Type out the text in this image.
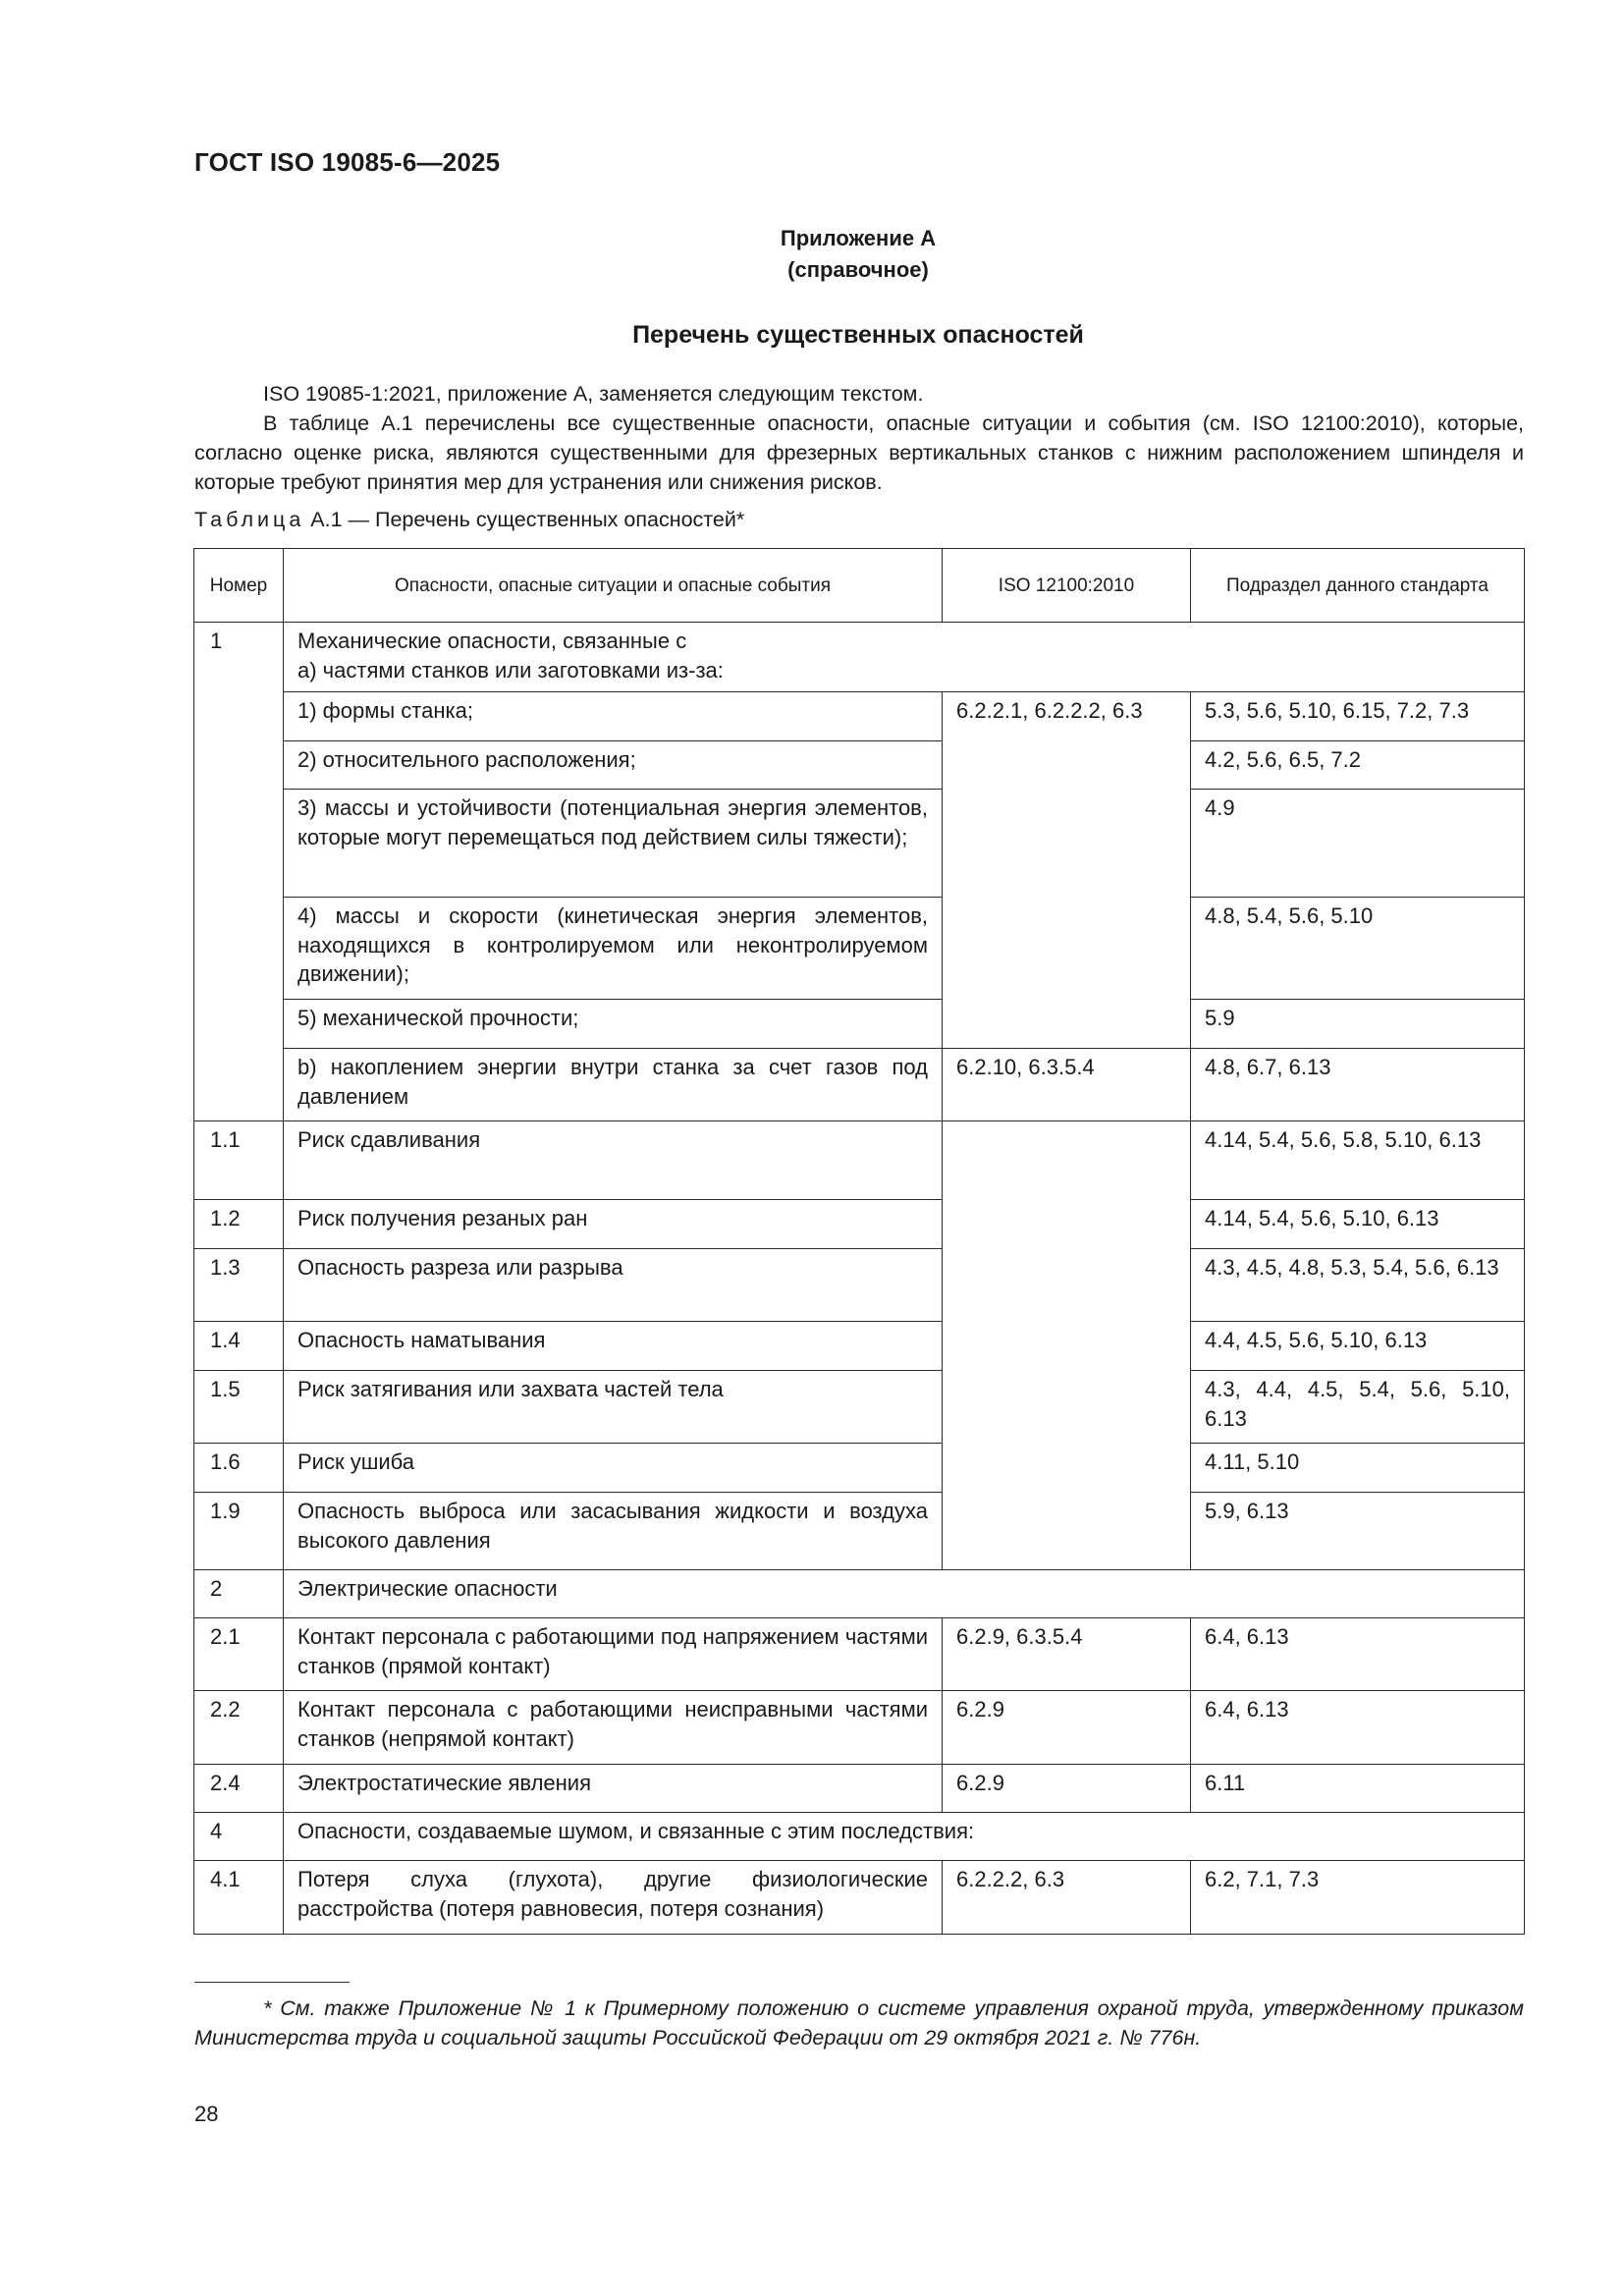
ГОСТ ISO 19085-6—2025
Приложение А
(справочное)
Перечень существенных опасностей
ISO 19085-1:2021, приложение А, заменяется следующим текстом.
В таблице А.1 перечислены все существенные опасности, опасные ситуации и события (см. ISO 12100:2010), которые, согласно оценке риска, являются существенными для фрезерных вертикальных станков с нижним расположением шпинделя и которые требуют принятия мер для устранения или снижения рисков.
Таблица А.1 — Перечень существенных опасностей*
Номер	Опасности, опасные ситуации и опасные события	ISO 12100:2010	Подраздел данного стандарта
1	Механические опасности, связанные с
а) частями станков или заготовками из-за:		
	1) формы станка;	6.2.2.1, 6.2.2.2, 6.3	5.3, 5.6, 5.10, 6.15, 7.2, 7.3
	2) относительного расположения;		4.2, 5.6, 6.5, 7.2
	3) массы и устойчивости (потенциальная энергия элементов, которые могут перемещаться под действием силы тяжести);		4.9
	4) массы и скорости (кинетическая энергия элементов, находящихся в контролируемом или неконтролируемом движении);		4.8, 5.4, 5.6, 5.10
	5) механической прочности;		5.9
	b) накоплением энергии внутри станка за счет газов под давлением	6.2.10, 6.3.5.4	4.8, 6.7, 6.13
1.1	Риск сдавливания		4.14, 5.4, 5.6, 5.8, 5.10, 6.13
1.2	Риск получения резаных ран		4.14, 5.4, 5.6, 5.10, 6.13
1.3	Опасность разреза или разрыва		4.3, 4.5, 4.8, 5.3, 5.4, 5.6, 6.13
1.4	Опасность наматывания		4.4, 4.5, 5.6, 5.10, 6.13
1.5	Риск затягивания или захвата частей тела		4.3, 4.4, 4.5, 5.4, 5.6, 5.10, 6.13
1.6	Риск ушиба		4.11, 5.10
1.9	Опасность выброса или засасывания жидкости и воздуха высокого давления		5.9, 6.13
2	Электрические опасности		
2.1	Контакт персонала с работающими под напряжением частями станков (прямой контакт)	6.2.9, 6.3.5.4	6.4, 6.13
2.2	Контакт персонала с работающими неисправными частями станков (непрямой контакт)	6.2.9	6.4, 6.13
2.4	Электростатические явления	6.2.9	6.11
4	Опасности, создаваемые шумом, и связанные с этим последствия:		
4.1	Потеря слуха (глухота), другие физиологические расстройства (потеря равновесия, потеря сознания)	6.2.2.2, 6.3	6.2, 7.1, 7.3
* См. также Приложение № 1 к Примерному положению о системе управления охраной труда, утвержденному приказом Министерства труда и социальной защиты Российской Федерации от 29 октября 2021 г. № 776н.
28
